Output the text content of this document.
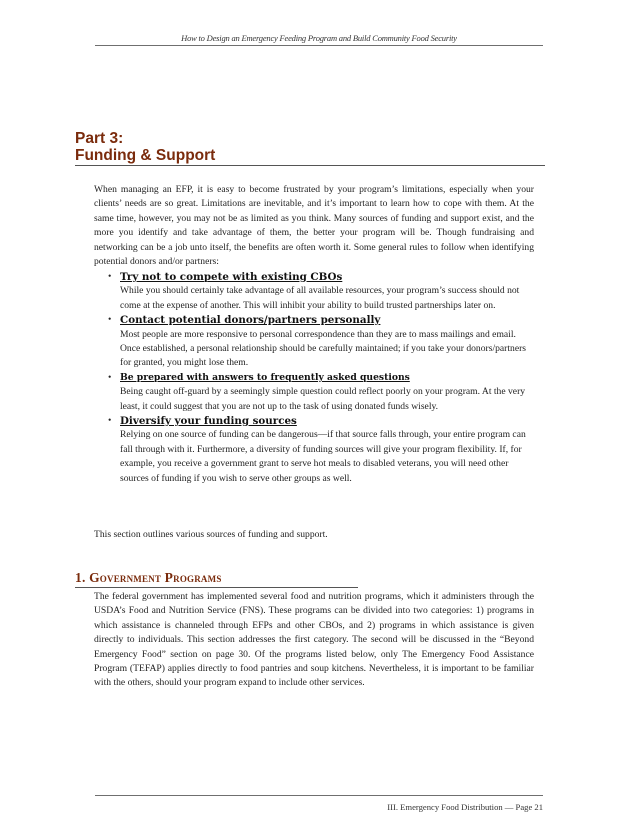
How to Design an Emergency Feeding Program and Build Community Food Security
Part 3:
Funding & Support

When managing an EFP, it is easy to become frustrated by your program’s limitations, especially when your clients’ needs are so great. Limitations are inevitable, and it’s important to learn how to cope with them. At the same time, however, you may not be as limited as you think. Many sources of funding and support exist, and the more you identify and take advantage of them, the better your program will be. Though fundraising and networking can be a job unto itself, the benefits are often worth it. Some general rules to follow when identifying potential donors and/or partners:

• Try not to compete with existing CBOs
While you should certainly take advantage of all available resources, your program’s success should not come at the expense of another. This will inhibit your ability to build trusted partnerships later on.
• Contact potential donors/partners personally
Most people are more responsive to personal correspondence than they are to mass mailings and email. Once established, a personal relationship should be carefully maintained; if you take your donors/partners for granted, you might lose them.
• Be prepared with answers to frequently asked questions
Being caught off-guard by a seemingly simple question could reflect poorly on your program. At the very least, it could suggest that you are not up to the task of using donated funds wisely.
• Diversify your funding sources
Relying on one source of funding can be dangerous—if that source falls through, your entire program can fall through with it. Furthermore, a diversity of funding sources will give your program flexibility. If, for example, you receive a government grant to serve hot meals to disabled veterans, you will need other sources of funding if you wish to serve other groups as well.

This section outlines various sources of funding and support.

1. Government Programs

The federal government has implemented several food and nutrition programs, which it administers through the USDA’s Food and Nutrition Service (FNS). These programs can be divided into two categories: 1) programs in which assistance is channeled through EFPs and other CBOs, and 2) programs in which assistance is given directly to individuals. This section addresses the first category. The second will be discussed in the “Beyond Emergency Food” section on page 30. Of the programs listed below, only The Emergency Food Assistance Program (TEFAP) applies directly to food pantries and soup kitchens. Nevertheless, it is important to be familiar with the others, should your program expand to include other services.

III. Emergency Food Distribution — Page 21
